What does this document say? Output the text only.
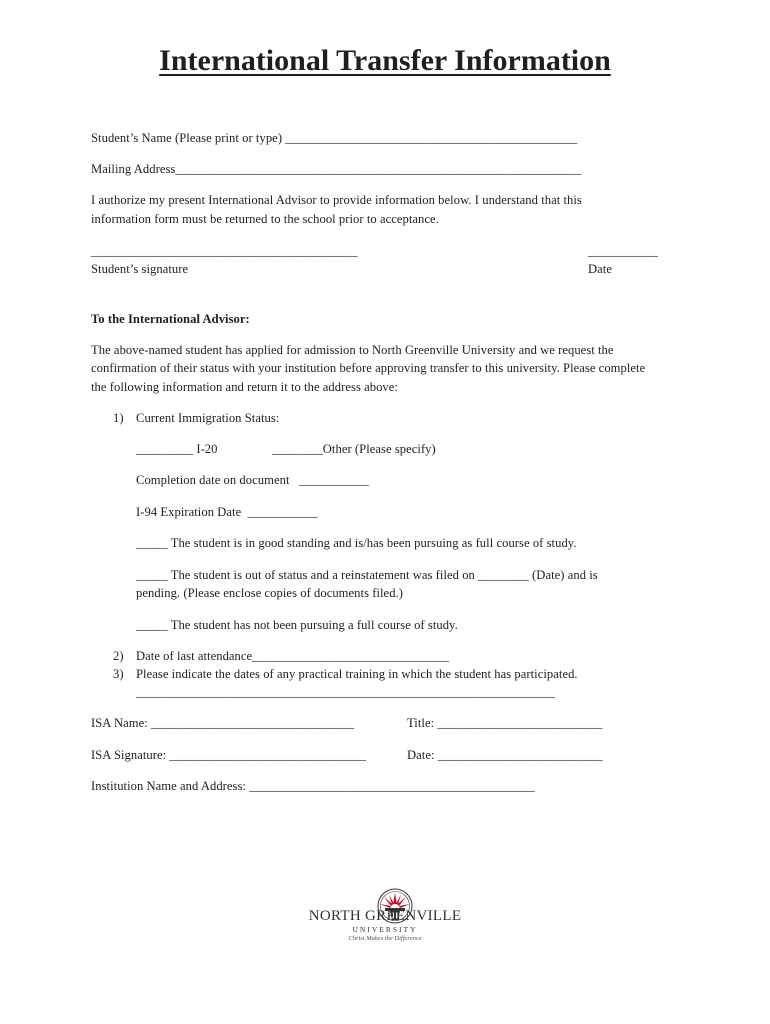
International Transfer Information
Student’s Name (Please print or type) ______________________________________________
Mailing Address________________________________________________________________
I authorize my present International Advisor to provide information below. I understand that this
information form must be returned to the school prior to acceptance.
__________________________________________	___________
Student’s signature	Date
To the International Advisor:
The above-named student has applied for admission to North Greenville University and we request the
confirmation of their status with your institution before approving transfer to this university. Please complete
the following information and return it to the address above:
1) Current Immigration Status:
_________ I-20	________Other (Please specify)
Completion date on document   ___________
I-94 Expiration Date  ___________
_____ The student is in good standing and is/has been pursuing as full course of study.
_____ The student is out of status and a reinstatement was filed on ________ (Date) and is
pending. (Please enclose copies of documents filed.)
_____ The student has not been pursuing a full course of study.
2) Date of last attendance_______________________________
3) Please indicate the dates of any practical training in which the student has participated.
__________________________________________________________________
ISA Name: ________________________________	Title: __________________________
ISA Signature: _______________________________	Date: __________________________
Institution Name and Address: _____________________________________________

NORTH GREENVILLE
UNIVERSITY
Christ Makes the Difference
